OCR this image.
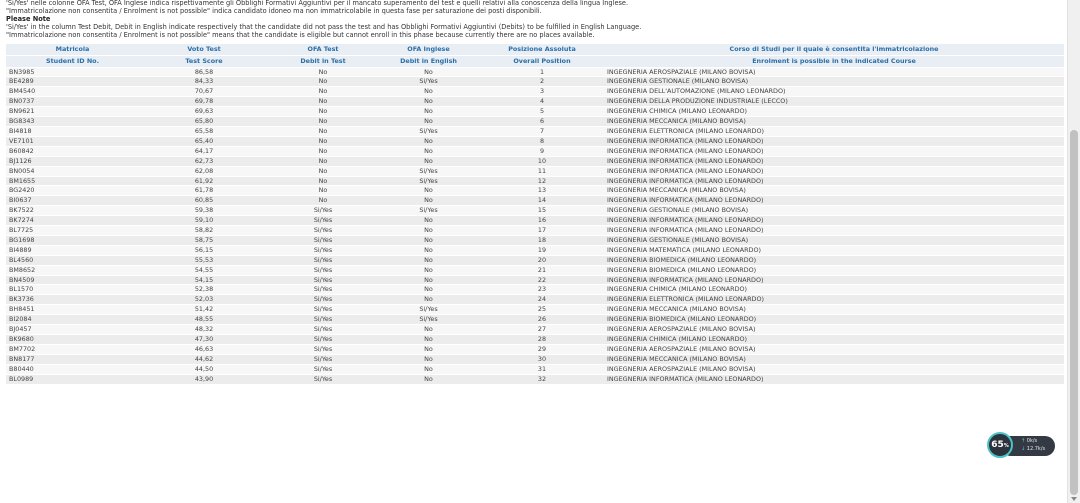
'Si/Yes' nelle colonne OFA Test, OFA Inglese indica rispettivamente gli Obblighi Formativi Aggiuntivi per il mancato superamento del test e quelli relativi alla conoscenza della lingua Inglese.
"Immatricolazione non consentita / Enrolment is not possible" indica candidato idoneo ma non immatricolabile in questa fase per saturazione dei posti disponibili.
Please Note
'Si/Yes' in the column Test Debit, Debit in English indicate respectively that the candidate did not pass the test and has Obblighi Formativi Aggiuntivi (Debits) to be fulfilled in English Language.
"Immatricolazione non consentita / Enrolment is not possible" means that the candidate is eligible but cannot enroll in this phase because currently there are no places available.
Matricola	Voto Test	OFA Test	OFA Inglese	Posizione Assoluta	Corso di Studi per il quale è consentita l'immatricolazione
Student ID No.	Test Score	Debit in Test	Debit in English	Overall Position	Enrolment is possible in the indicated Course
BN3985	86,58	No	No	1	INGEGNERIA AEROSPAZIALE (MILANO BOVISA)
BE4289	84,33	No	Si/Yes	2	INGEGNERIA GESTIONALE (MILANO BOVISA)
BM4540	70,67	No	No	3	INGEGNERIA DELL'AUTOMAZIONE (MILANO LEONARDO)
BN0737	69,78	No	No	4	INGEGNERIA DELLA PRODUZIONE INDUSTRIALE (LECCO)
BN9621	69,63	No	No	5	INGEGNERIA CHIMICA (MILANO LEONARDO)
BG8343	65,80	No	No	6	INGEGNERIA MECCANICA (MILANO BOVISA)
BI4818	65,58	No	Si/Yes	7	INGEGNERIA ELETTRONICA (MILANO LEONARDO)
VE7101	65,40	No	No	8	INGEGNERIA INFORMATICA (MILANO LEONARDO)
B60842	64,17	No	No	9	INGEGNERIA INFORMATICA (MILANO LEONARDO)
BJ1126	62,73	No	No	10	INGEGNERIA INFORMATICA (MILANO LEONARDO)
BN0054	62,08	No	Si/Yes	11	INGEGNERIA INFORMATICA (MILANO LEONARDO)
BM1655	61,92	No	Si/Yes	12	INGEGNERIA INFORMATICA (MILANO LEONARDO)
BG2420	61,78	No	No	13	INGEGNERIA MECCANICA (MILANO BOVISA)
BI0637	60,85	No	No	14	INGEGNERIA INFORMATICA (MILANO LEONARDO)
BK7522	59,38	Si/Yes	Si/Yes	15	INGEGNERIA GESTIONALE (MILANO BOVISA)
BK7274	59,10	Si/Yes	No	16	INGEGNERIA INFORMATICA (MILANO LEONARDO)
BL7725	58,82	Si/Yes	No	17	INGEGNERIA INFORMATICA (MILANO LEONARDO)
BG1698	58,75	Si/Yes	No	18	INGEGNERIA GESTIONALE (MILANO BOVISA)
BI4889	56,15	Si/Yes	No	19	INGEGNERIA MATEMATICA (MILANO LEONARDO)
BL4560	55,53	Si/Yes	No	20	INGEGNERIA BIOMEDICA (MILANO LEONARDO)
BM8652	54,55	Si/Yes	No	21	INGEGNERIA BIOMEDICA (MILANO LEONARDO)
BN4509	54,15	Si/Yes	No	22	INGEGNERIA INFORMATICA (MILANO LEONARDO)
BL1570	52,38	Si/Yes	No	23	INGEGNERIA CHIMICA (MILANO LEONARDO)
BK3736	52,03	Si/Yes	No	24	INGEGNERIA ELETTRONICA (MILANO LEONARDO)
BH8451	51,42	Si/Yes	Si/Yes	25	INGEGNERIA MECCANICA (MILANO BOVISA)
BI2084	48,55	Si/Yes	Si/Yes	26	INGEGNERIA BIOMEDICA (MILANO LEONARDO)
BJ0457	48,32	Si/Yes	No	27	INGEGNERIA AEROSPAZIALE (MILANO BOVISA)
BK9680	47,30	Si/Yes	No	28	INGEGNERIA CHIMICA (MILANO LEONARDO)
BM7702	46,63	Si/Yes	No	29	INGEGNERIA AEROSPAZIALE (MILANO BOVISA)
BN8177	44,62	Si/Yes	No	30	INGEGNERIA MECCANICA (MILANO BOVISA)
B80440	44,50	Si/Yes	No	31	INGEGNERIA AEROSPAZIALE (MILANO BOVISA)
BL0989	43,90	Si/Yes	No	32	INGEGNERIA INFORMATICA (MILANO LEONARDO)
65%
↑ 0k/s
↓ 12.7k/s
